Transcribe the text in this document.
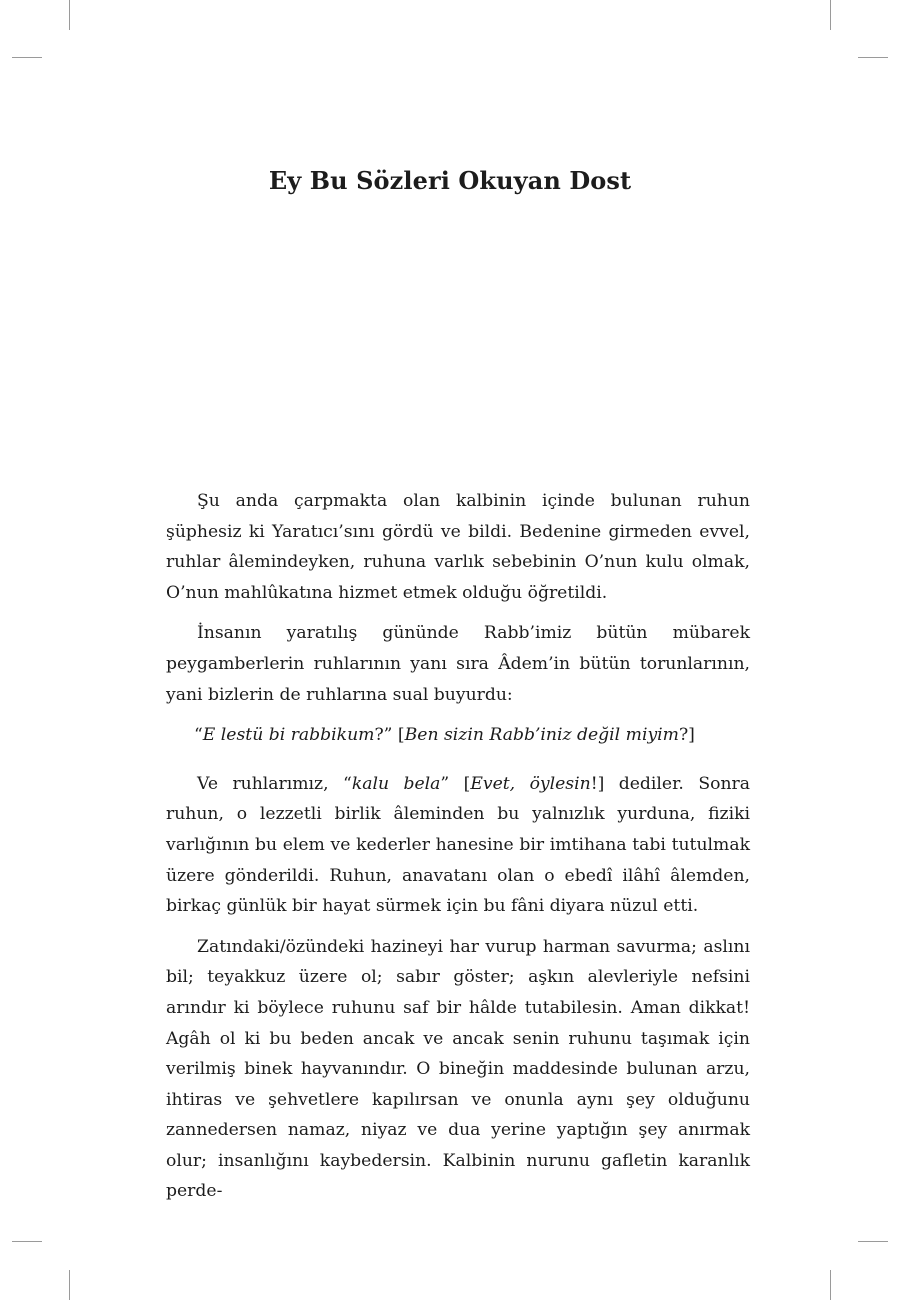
Ey Bu Sözleri Okuyan Dost

Şu anda çarpmakta olan kalbinin içinde bulunan ruhun şüphesiz ki Yaratıcı’sını gördü ve bildi. Bedenine girmeden evvel, ruhlar âlemindeyken, ruhuna varlık sebebinin O’nun kulu olmak, O’nun mahlûkatına hizmet etmek olduğu öğretildi.

İnsanın yaratılış gününde Rabb’imiz bütün mübarek peygamberlerin ruhlarının yanı sıra Âdem’in bütün torunlarının, yani bizlerin de ruhlarına sual buyurdu:

“E lestü bi rabbikum?” [Ben sizin Rabb’iniz değil miyim?]

Ve ruhlarımız, “kalu bela” [Evet, öylesin!] dediler. Sonra ruhun, o lezzetli birlik âleminden bu yalnızlık yurduna, fiziki varlığının bu elem ve kederler hanesine bir imtihana tabi tutulmak üzere gönderildi. Ruhun, anavatanı olan o ebedî ilâhî âlemden, birkaç günlük bir hayat sürmek için bu fâni diyara nüzul etti.

Zatındaki/özündeki hazineyi har vurup harman savurma; aslını bil; teyakkuz üzere ol; sabır göster; aşkın alevleriyle nefsini arındır ki böylece ruhunu saf bir hâlde tutabilesin. Aman dikkat! Agâh ol ki bu beden ancak ve ancak senin ruhunu taşımak için verilmiş binek hayvanındır. O bineğin maddesinde bulunan arzu, ihtiras ve şehvetlere kapılırsan ve onunla aynı şey olduğunu zannedersen namaz, niyaz ve dua yerine yaptığın şey anırmak olur; insanlığını kaybedersin. Kalbinin nurunu gafletin karanlık perde-
